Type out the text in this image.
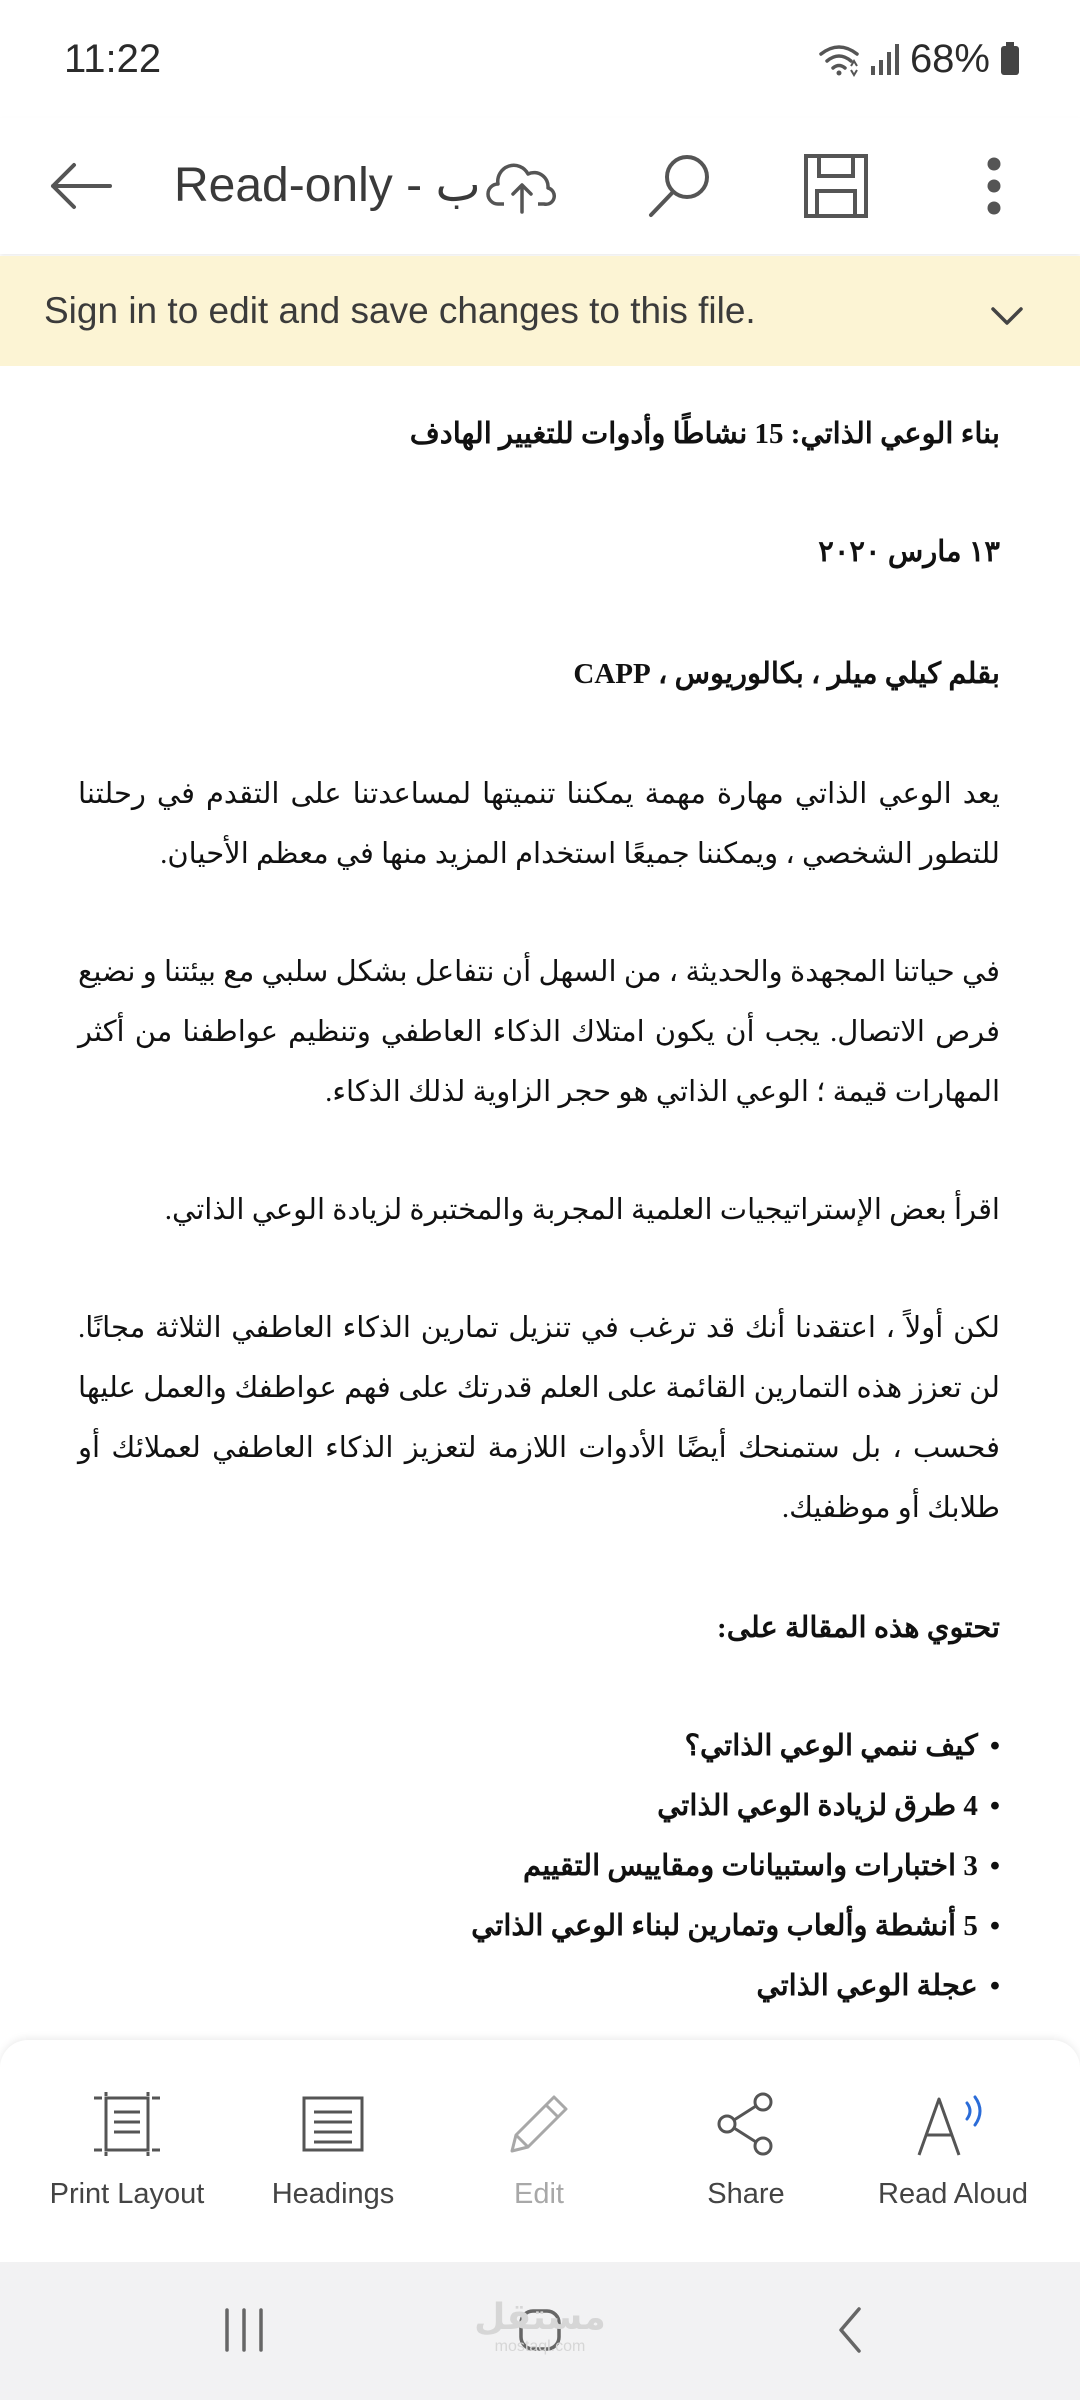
11:22	68%
Read-only - ب
Sign in to edit and save changes to this file.

بناء الوعي الذاتي: 15 نشاطًا وأدوات للتغيير الهادف

١٣ مارس ٢٠٢٠

بقلم كيلي ميلر ، بكالوريوس ، CAPP

يعد الوعي الذاتي مهارة مهمة يمكننا تنميتها لمساعدتنا على التقدم في رحلتنا للتطور الشخصي ، ويمكننا جميعًا استخدام المزيد منها في معظم الأحيان.

في حياتنا المجهدة والحديثة ، من السهل أن نتفاعل بشكل سلبي مع بيئتنا و نضيع فرص الاتصال. يجب أن يكون امتلاك الذكاء العاطفي وتنظيم عواطفنا من أكثر المهارات قيمة ؛ الوعي الذاتي هو حجر الزاوية لذلك الذكاء.

اقرأ بعض الإستراتيجيات العلمية المجربة والمختبرة لزيادة الوعي الذاتي.

لكن أولاً ، اعتقدنا أنك قد ترغب في تنزيل تمارين الذكاء العاطفي الثلاثة مجانًا. لن تعزز هذه التمارين القائمة على العلم قدرتك على فهم عواطفك والعمل عليها فحسب ، بل ستمنحك أيضًا الأدوات اللازمة لتعزيز الذكاء العاطفي لعملائك أو طلابك أو موظفيك.

تحتوي هذه المقالة على:

• كيف ننمي الوعي الذاتي؟
• 4 طرق لزيادة الوعي الذاتي
• 3 اختبارات واستبيانات ومقاييس التقييم
• 5 أنشطة وألعاب وتمارين لبناء الوعي الذاتي
• عجلة الوعي الذاتي
Print Layout Headings	Edit	Share	Read Aloud
مستقل
mostaql.com
